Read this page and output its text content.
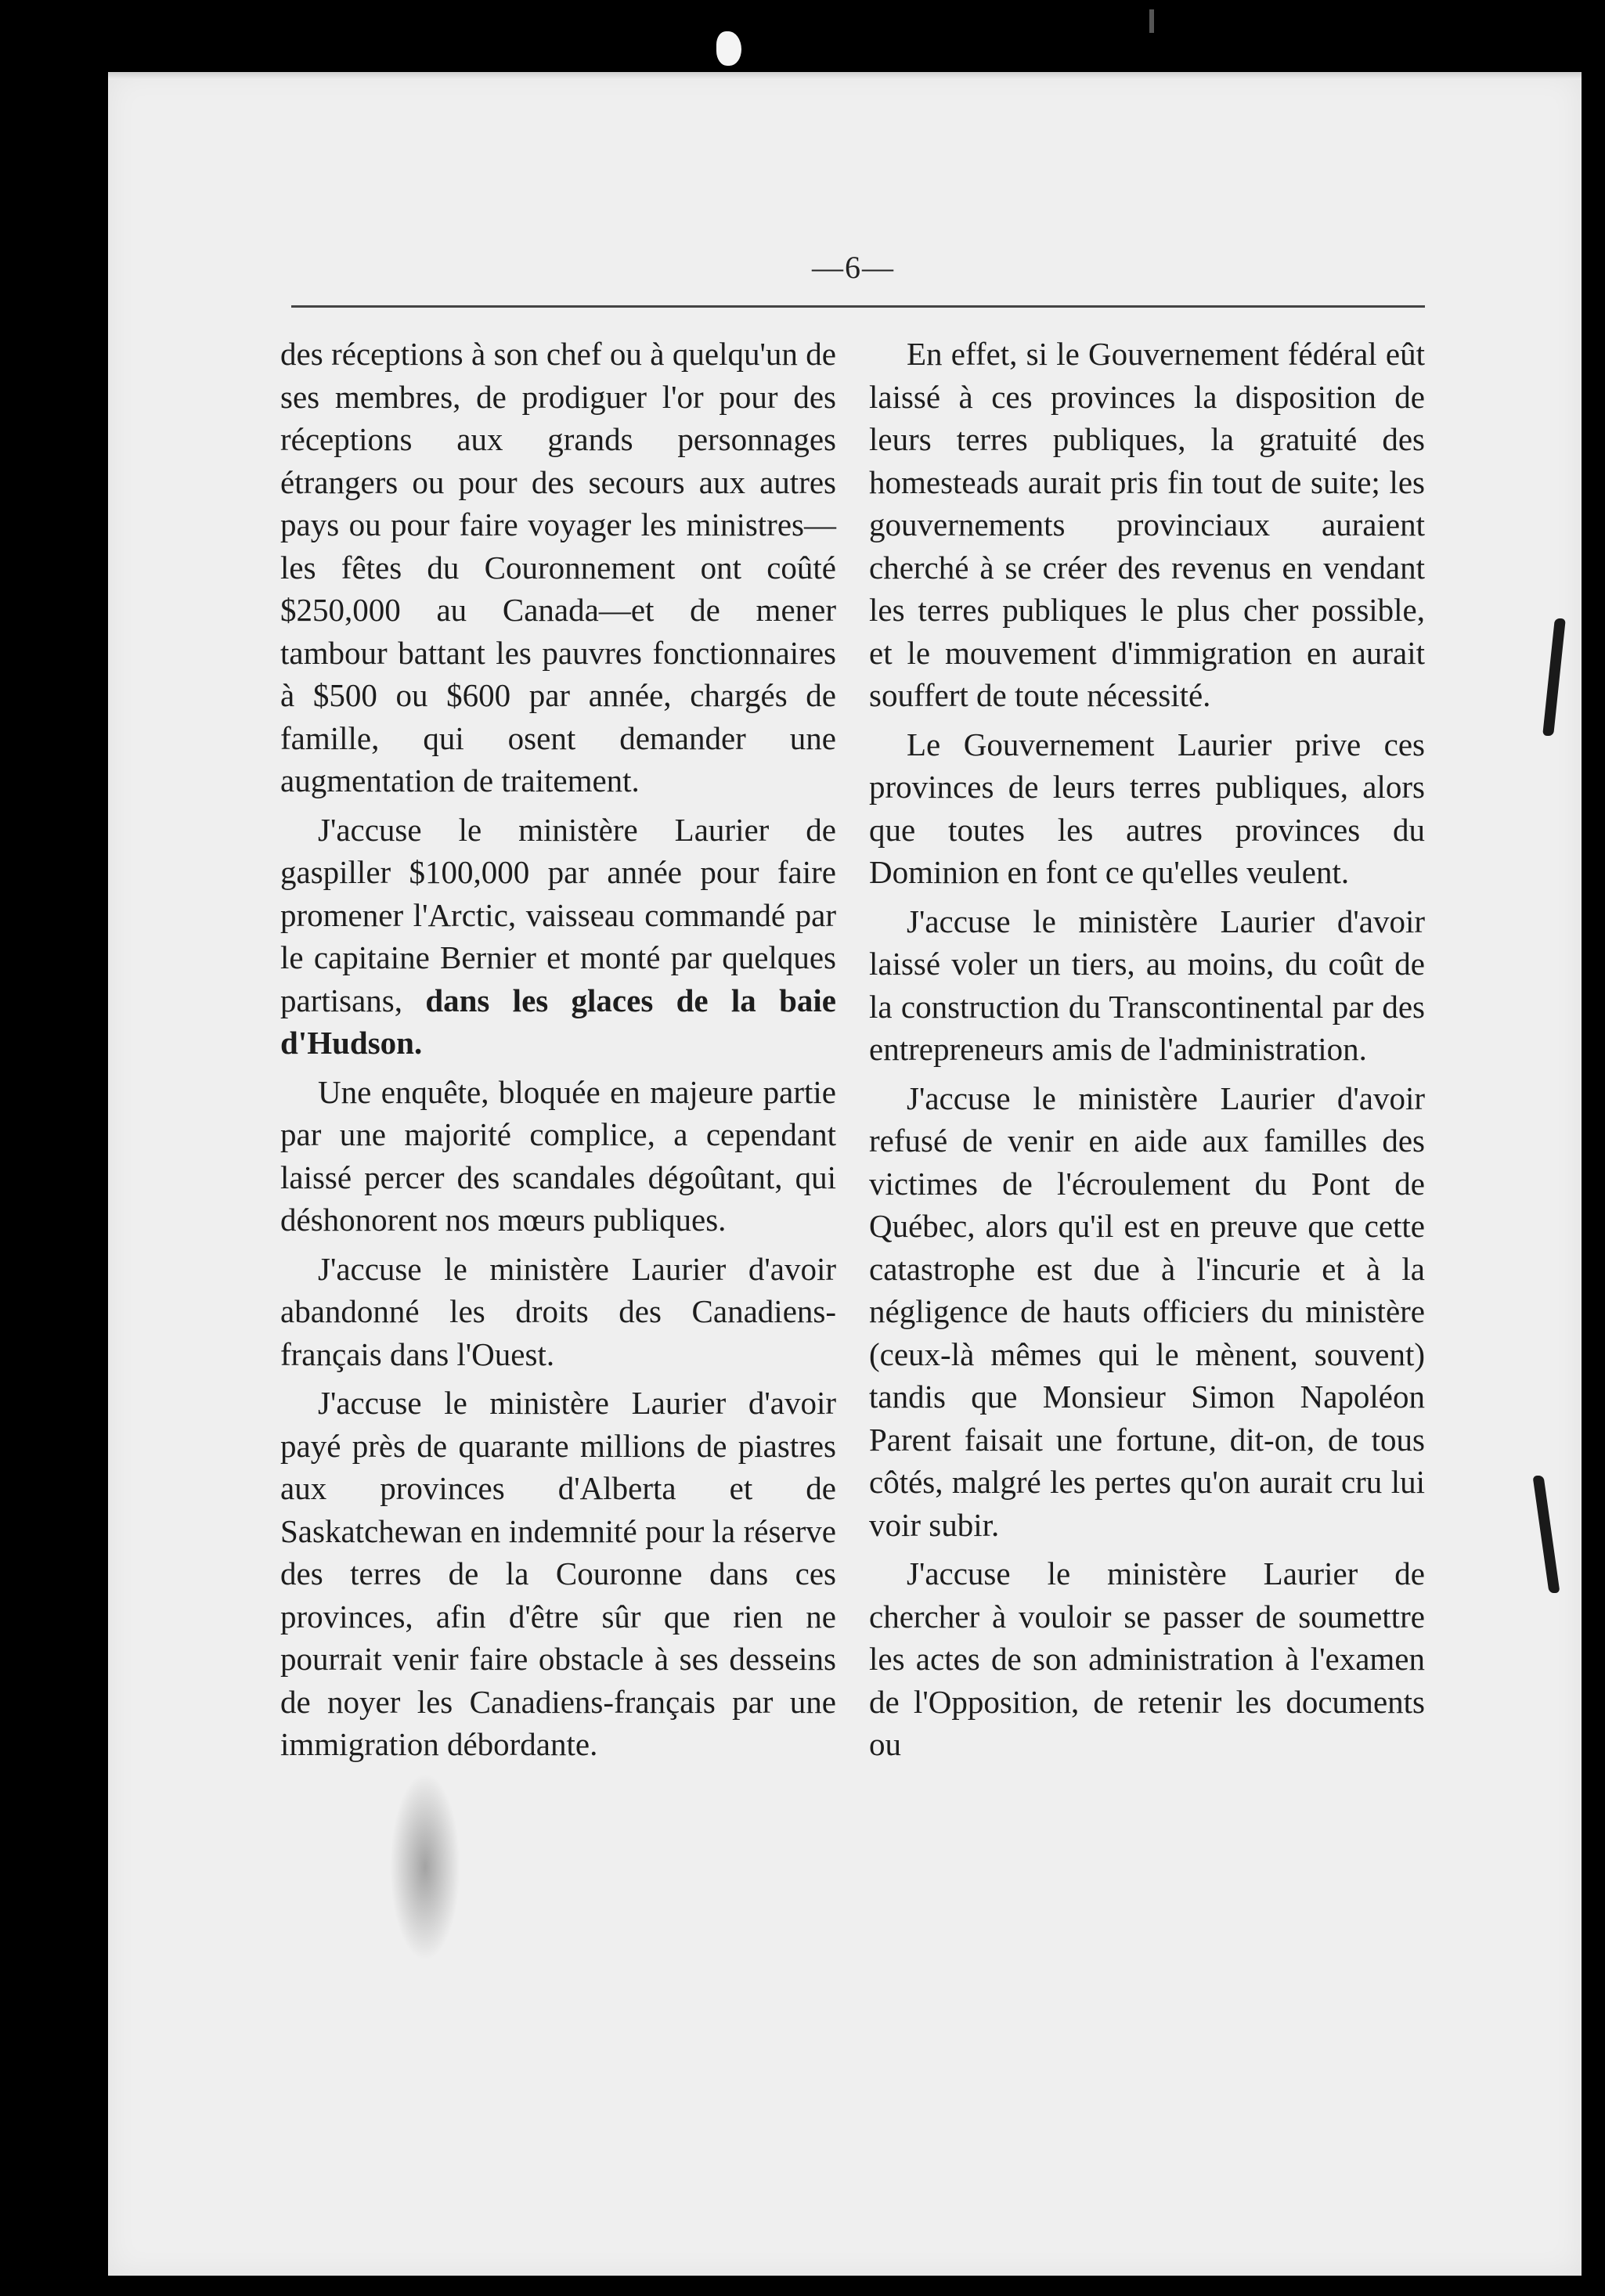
—6—

des réceptions à son chef ou à quelqu'un de ses membres, de prodiguer l'or pour des réceptions aux grands personnages étrangers ou pour des secours aux autres pays ou pour faire voyager les ministres—les fêtes du Couronnement ont coûté $250,000 au Canada—et de mener tambour battant les pauvres fonctionnaires à $500 ou $600 par année, chargés de famille, qui osent demander une augmentation de traitement.

J'accuse le ministère Laurier de gaspiller $100,000 par année pour faire promener l'Arctic, vaisseau commandé par le capitaine Bernier et monté par quelques partisans, dans les glaces de la baie d'Hudson.

Une enquête, bloquée en majeure partie par une majorité complice, a cependant laissé percer des scandales dégoûtant, qui déshonorent nos mœurs publiques.

J'accuse le ministère Laurier d'avoir abandonné les droits des Canadiens-français dans l'Ouest.

J'accuse le ministère Laurier d'avoir payé près de quarante millions de piastres aux provinces d'Alberta et de Saskatchewan en indemnité pour la réserve des terres de la Couronne dans ces provinces, afin d'être sûr que rien ne pourrait venir faire obstacle à ses desseins de noyer les Canadiens-français par une immigration débordante.

En effet, si le Gouvernement fédéral eût laissé à ces provinces la disposition de leurs terres publiques, la gratuité des homesteads aurait pris fin tout de suite; les gouvernements provinciaux auraient cherché à se créer des revenus en vendant les terres publiques le plus cher possible, et le mouvement d'immigration en aurait souffert de toute nécessité.

Le Gouvernement Laurier prive ces provinces de leurs terres publiques, alors que toutes les autres provinces du Dominion en font ce qu'elles veulent.

J'accuse le ministère Laurier d'avoir laissé voler un tiers, au moins, du coût de la construction du Transcontinental par des entrepreneurs amis de l'administration.

J'accuse le ministère Laurier d'avoir refusé de venir en aide aux familles des victimes de l'écroulement du Pont de Québec, alors qu'il est en preuve que cette catastrophe est due à l'incurie et à la négligence de hauts officiers du ministère (ceux-là mêmes qui le mènent, souvent) tandis que Monsieur Simon Napoléon Parent faisait une fortune, dit-on, de tous côtés, malgré les pertes qu'on aurait cru lui voir subir.

J'accuse le ministère Laurier de chercher à vouloir se passer de soumettre les actes de son administration à l'examen de l'Opposition, de retenir les documents ou
